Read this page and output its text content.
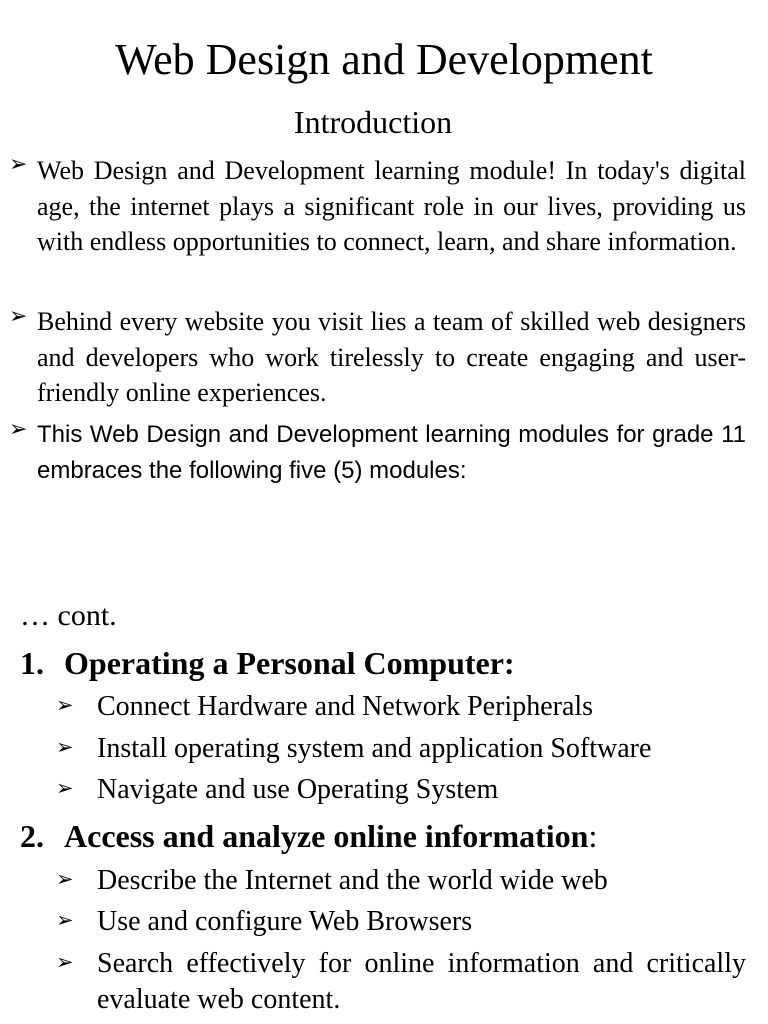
Web Design and Development
Introduction
➢ Web Design and Development learning module! In today's digital age, the internet plays a significant role in our lives, providing us with endless opportunities to connect, learn, and share information.

➢ Behind every website you visit lies a team of skilled web designers and developers who work tirelessly to create engaging and user-friendly online experiences.

➢ This Web Design and Development learning modules for grade 11 embraces the following five (5) modules:

… cont.

1. Operating a Personal Computer:
➢ Connect Hardware and Network Peripherals

➢ Install operating system and application Software

➢ Navigate and use Operating System

2. Access and analyze online information:
➢ Describe the Internet and the world wide web

➢ Use and configure Web Browsers

➢ Search effectively for online information and critically evaluate web content.
